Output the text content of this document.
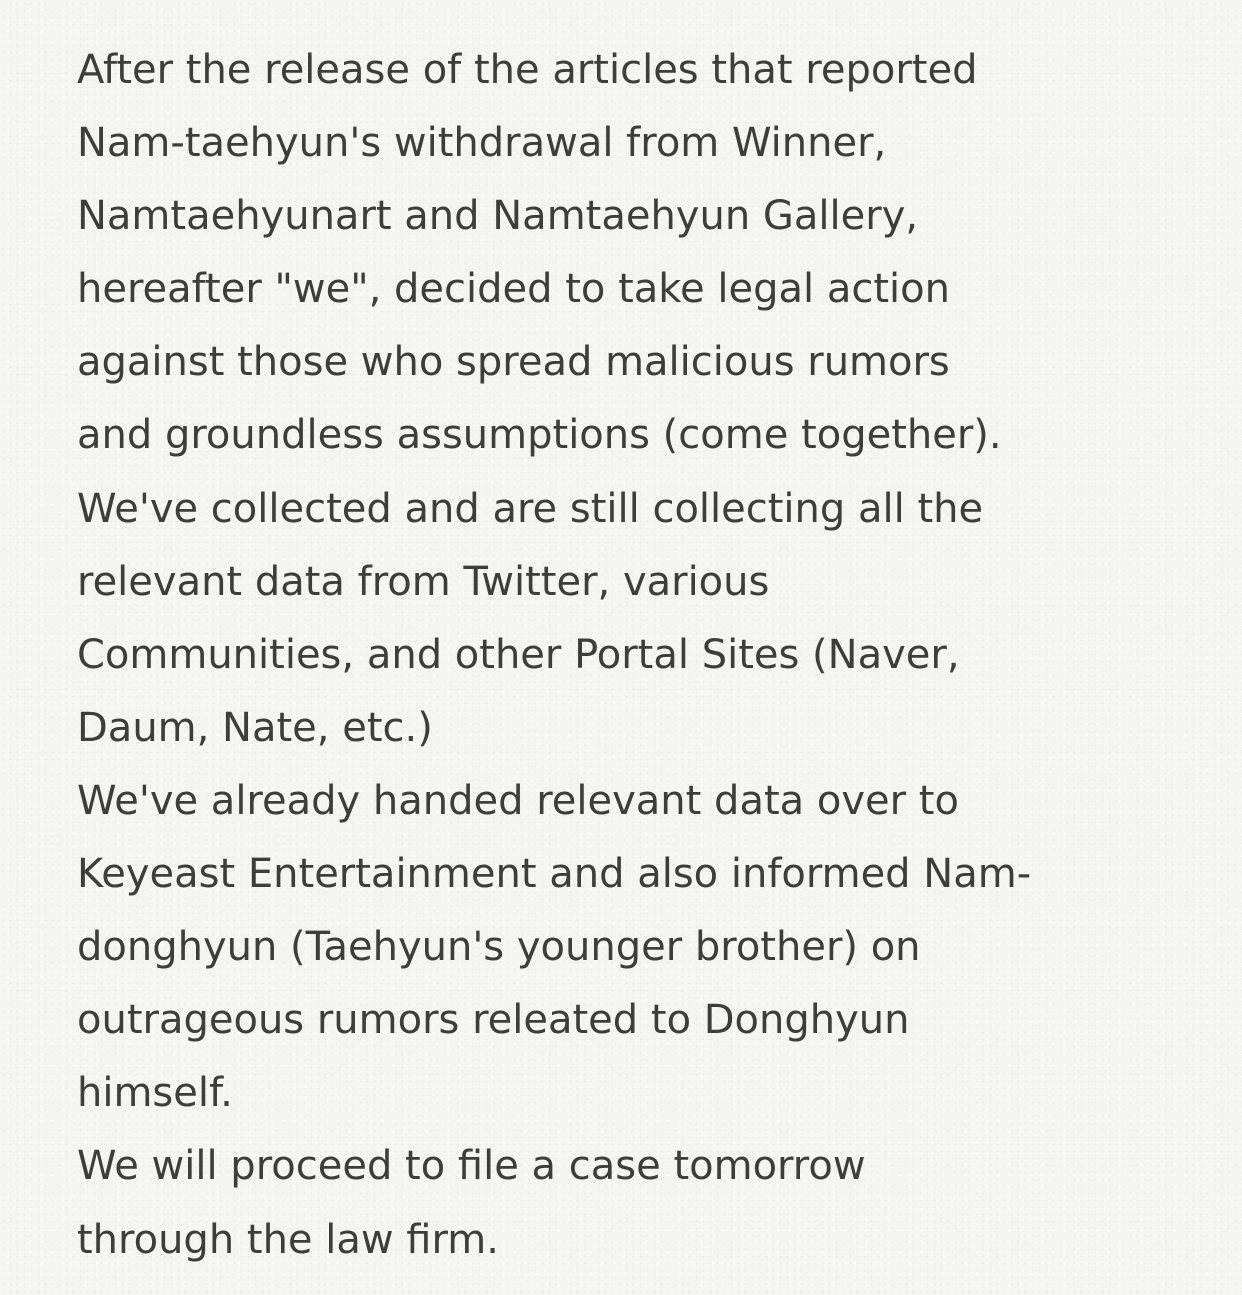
After the release of the articles that reported
Nam-taehyun's withdrawal from Winner,
Namtaehyunart and Namtaehyun Gallery,
hereafter "we", decided to take legal action
against those who spread malicious rumors
and groundless assumptions (come together).
We've collected and are still collecting all the
relevant data from Twitter, various
Communities, and other Portal Sites (Naver,
Daum, Nate, etc.)
We've already handed relevant data over to
Keyeast Entertainment and also informed Nam-
donghyun (Taehyun's younger brother) on
outrageous rumors releated to Donghyun
himself.
We will proceed to file a case tomorrow
through the law firm.
